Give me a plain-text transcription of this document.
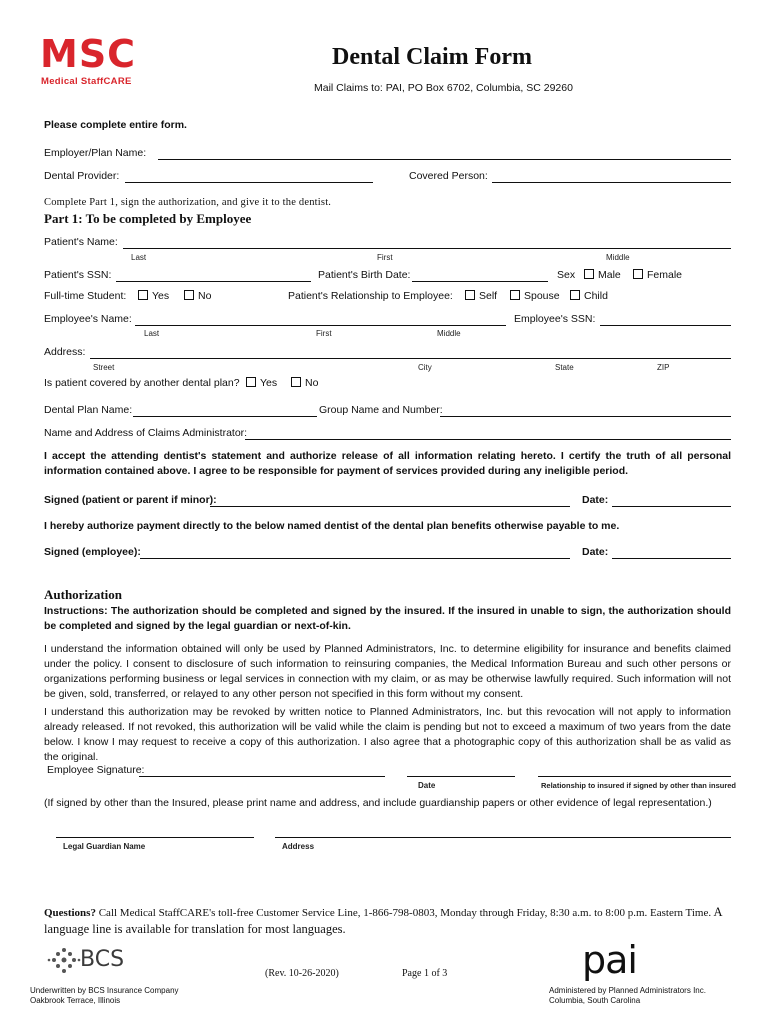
MSC
Medical StaffCARE
Dental Claim Form
Mail Claims to: PAI, PO Box 6702, Columbia, SC 29260
Please complete entire form.
Employer/Plan Name:
Dental Provider:	Covered Person:
Complete Part 1, sign the authorization, and give it to the dentist.
Part 1: To be completed by Employee
Patient's Name:
Last	First	Middle
Patient's SSN:	Patient's Birth Date:	Sex Male Female
Full-time Student: Yes	No	Patient's Relationship to Employee: Self	Spouse Child
Employee's Name:	Employee's SSN:
Last	First	Middle
Address:
Street	City	State	ZIP
Is patient covered by another dental plan? Yes	No
Dental Plan Name:	Group Name and Number:
Name and Address of Claims Administrator:
I accept the attending dentist's statement and authorize release of all information relating hereto. I certify the truth of all personal information contained above. I agree to be responsible for payment of services provided during any ineligible period.
Signed (patient or parent if minor):	Date:
I hereby authorize payment directly to the below named dentist of the dental plan benefits otherwise payable to me.
Signed (employee):	Date:
Authorization
Instructions: The authorization should be completed and signed by the insured. If the insured in unable to sign, the authorization should be completed and signed by the legal guardian or next-of-kin.
I understand the information obtained will only be used by Planned Administrators, Inc. to determine eligibility for insurance and benefits claimed under the policy. I consent to disclosure of such information to reinsuring companies, the Medical Information Bureau and such other persons or organizations performing business or legal services in connection with my claim, or as may be otherwise lawfully required. Such information will not be given, sold, transferred, or relayed to any other person not specified in this form without my consent.
I understand this authorization may be revoked by written notice to Planned Administrators, Inc. but this revocation will not apply to information already released. If not revoked, this authorization will be valid while the claim is pending but not to exceed a maximum of two years from the date below. I know I may request to receive a copy of this authorization. I also agree that a photographic copy of this authorization shall be as valid as the original.
Employee Signature:
Date	Relationship to insured if signed by other than insured
(If signed by other than the Insured, please print name and address, and include guardianship papers or other evidence of legal representation.)
Legal Guardian Name	Address
Questions? Call Medical StaffCARE's toll-free Customer Service Line, 1-866-798-0803, Monday through Friday, 8:30 a.m. to 8:00 p.m. Eastern Time. A language line is available for translation for most languages.
BCS
(Rev. 10-26-2020)	Page 1 of 3	pai
Underwritten by BCS Insurance Company
Oakbrook Terrace, Illinois
Administered by Planned Administrators Inc.
Columbia, South Carolina
